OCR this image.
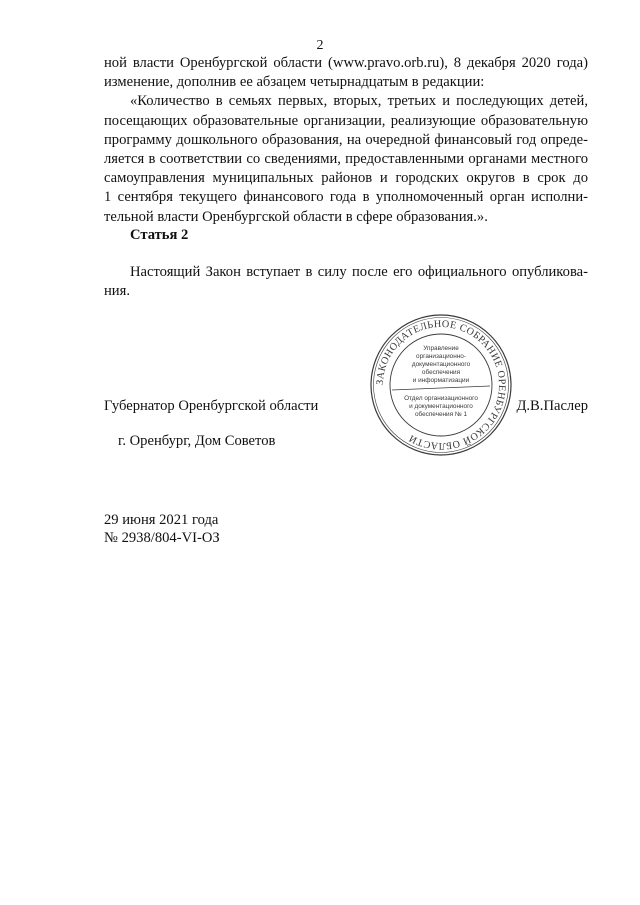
2
ной власти Оренбургской области (www.pravo.orb.ru), 8 декабря 2020 года)
изменение, дополнив ее абзацем четырнадцатым в редакции:
«Количество в семьях первых, вторых, третьих и последующих детей,
посещающих образовательные организации, реализующие образовательную
программу дошкольного образования, на очередной финансовый год опреде-
ляется в соответствии со сведениями, предоставленными органами местного
самоуправления муниципальных районов и городских округов в срок до
1 сентября текущего финансового года в уполномоченный орган исполни-
тельной власти Оренбургской области в сфере образования.».
Статья 2
Настоящий Закон вступает в силу после его официального опубликова-
ния.
Губернатор Оренбургской области	Д.В.Паслер
г. Оренбург, Дом Советов
29 июня 2021 года
№ 2938/804-VI-ОЗ
ЗАКОНОДАТЕЛЬНОЕ СОБРАНИЕ ОРЕНБУРГСКОЙ ОБЛАСТИ
Управление
организационно-
документационного
обеспечения
и информатизации
Отдел организационного
и документационного
обеспечения № 1
